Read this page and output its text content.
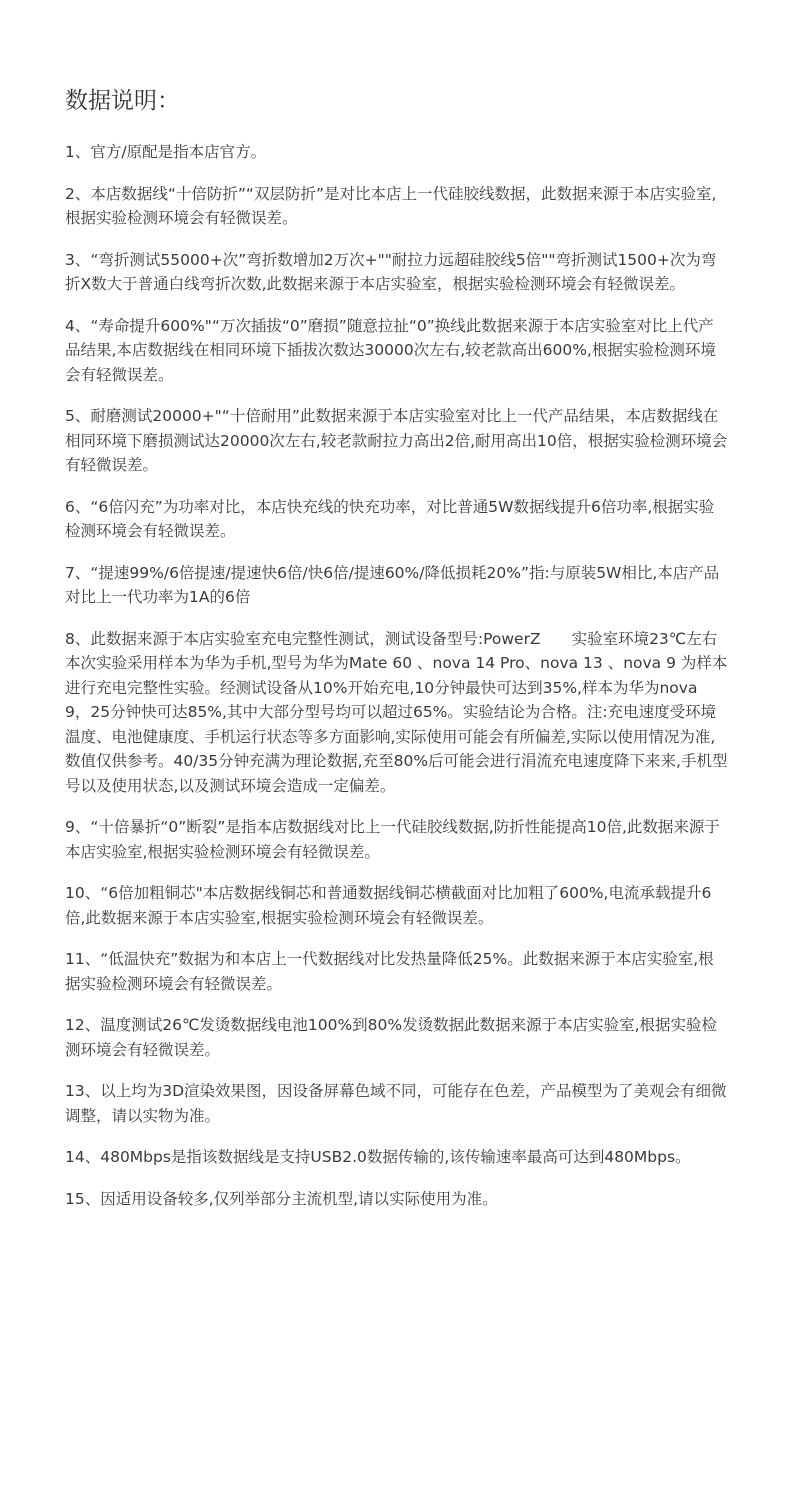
数据说明：
1、官方/原配是指本店官方。
2、本店数据线“十倍防折”“双层防折”是对比本店上一代硅胶线数据，此数据来源于本店实验室,根据实验检测环境会有轻微误差。
3、“弯折测试55000+次”弯折数增加2万次+""耐拉力远超硅胶线5倍""弯折测试1500+次为弯折X数大于普通白线弯折次数,此数据来源于本店实验室，根据实验检测环境会有轻微误差。
4、“寿命提升600%"“万次插拔“0”磨损”随意拉扯“0”换线此数据来源于本店实验室对比上代产品结果,本店数据线在相同环境下插拔次数达30000次左右,较老款高出600%,根据实验检测环境会有轻微误差。
5、耐磨测试20000+"“十倍耐用”此数据来源于本店实验室对比上一代产品结果，本店数据线在相同环境下磨损测试达20000次左右,较老款耐拉力高出2倍,耐用高出10倍，根据实验检测环境会有轻微误差。
6、“6倍闪充”为功率对比，本店快充线的快充功率，对比普通5W数据线提升6倍功率,根据实验检测环境会有轻微误差。
7、“提速99%/6倍提速/提速快6倍/快6倍/提速60%/降低损耗20%”指:与原装5W相比,本店产品对比上一代功率为1A的6倍
8、此数据来源于本店实验室充电完整性测试，测试设备型号:PowerZ　　实验室环境23℃左右本次实验采用样本为华为手机,型号为华为Mate 60 、nova 14 Pro、nova 13 、nova 9 为样本进行充电完整性实验。经测试设备从10%开始充电,10分钟最快可达到35%,样本为华为nova　9，25分钟快可达85%,其中大部分型号均可以超过65%。实验结论为合格。注:充电速度受环境温度、电池健康度、手机运行状态等多方面影响,实际使用可能会有所偏差,实际以使用情况为准,数值仅供参考。40/35分钟充满为理论数据,充至80%后可能会进行涓流充电速度降下来来,手机型号以及使用状态,以及测试环境会造成一定偏差。
9、“十倍暴折“0”断裂”是指本店数据线对比上一代硅胶线数据,防折性能提高10倍,此数据来源于本店实验室,根据实验检测环境会有轻微误差。
10、“6倍加粗铜芯"本店数据线铜芯和普通数据线铜芯横截面对比加粗了600%,电流承载提升6倍,此数据来源于本店实验室,根据实验检测环境会有轻微误差。
11、“低温快充”数据为和本店上一代数据线对比发热量降低25%。此数据来源于本店实验室,根据实验检测环境会有轻微误差。
12、温度测试26℃发烫数据线电池100%到80%发烫数据此数据来源于本店实验室,根据实验检测环境会有轻微误差。
13、以上均为3D渲染效果图，因设备屏幕色域不同，可能存在色差，产品模型为了美观会有细微调整，请以实物为准。
14、480Mbps是指该数据线是支持USB2.0数据传输的,该传输速率最高可达到480Mbps。
15、因适用设备较多,仅列举部分主流机型,请以实际使用为准。
